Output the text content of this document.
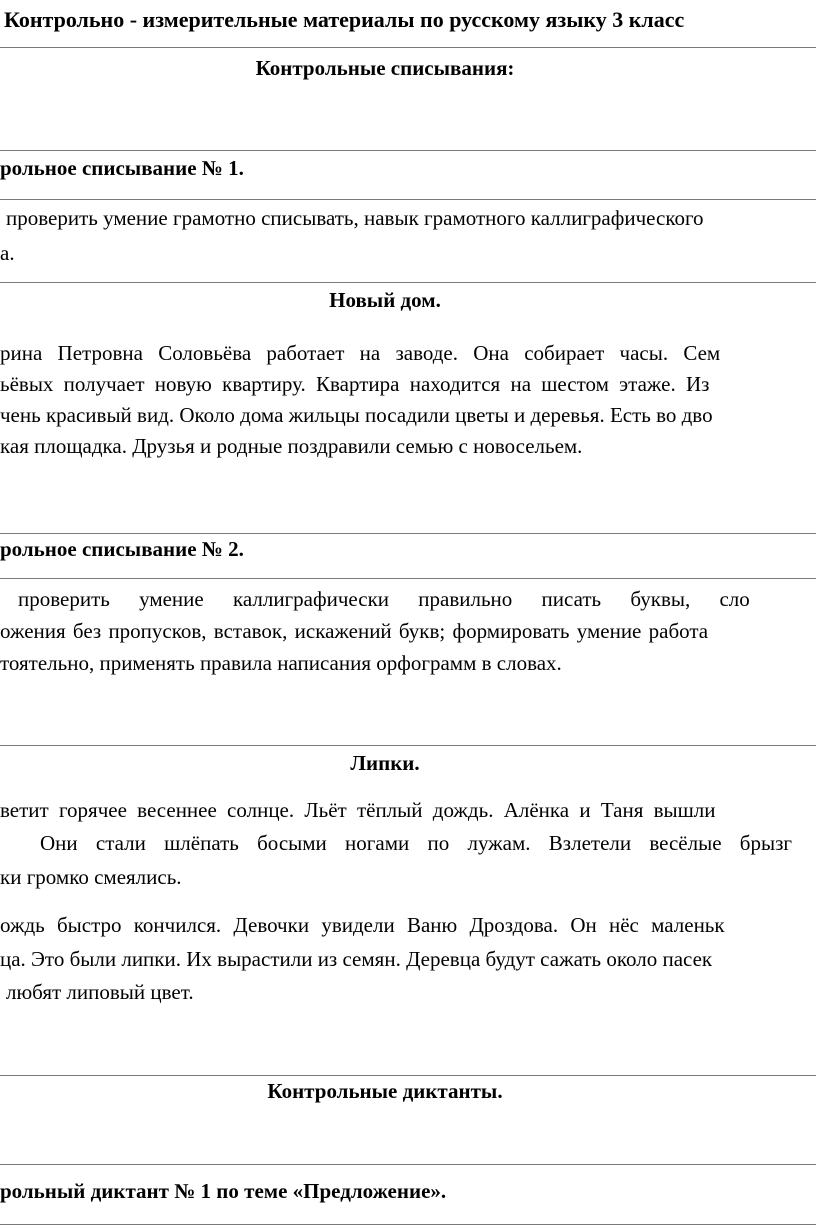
Контрольно - измерительные материалы по русскому языку 3 класс
Контрольные списывания:
рольное списывание № 1.
проверить умение грамотно списывать, навык грамотного каллиграфического
а.
Новый дом.
рина Петровна Соловьёва работает на заводе. Она собирает часы. Сем
ьёвых получает новую квартиру. Квартира находится на шестом этаже. Из
чень красивый вид. Около дома жильцы посадили цветы и деревья. Есть во дво
кая площадка. Друзья и родные поздравили семью с новосельем.
рольное списывание № 2.
проверить умение каллиграфически правильно писать буквы, сло
ожения без пропусков, вставок, искажений букв; формировать умение работа
тоятельно, применять правила написания орфограмм в словах.
Липки.
ветит горячее весеннее солнце. Льёт тёплый дождь. Алёнка и Таня вышли
Они стали шлёпать босыми ногами по лужам. Взлетели весёлые брызг
ки громко смеялись.
ождь быстро кончился. Девочки увидели Ваню Дроздова. Он нёс маленьк
ца. Это были липки. Их вырастили из семян. Деревца будут сажать около пасек
любят липовый цвет.
Контрольные диктанты.
рольный диктант № 1 по теме «Предложение».
